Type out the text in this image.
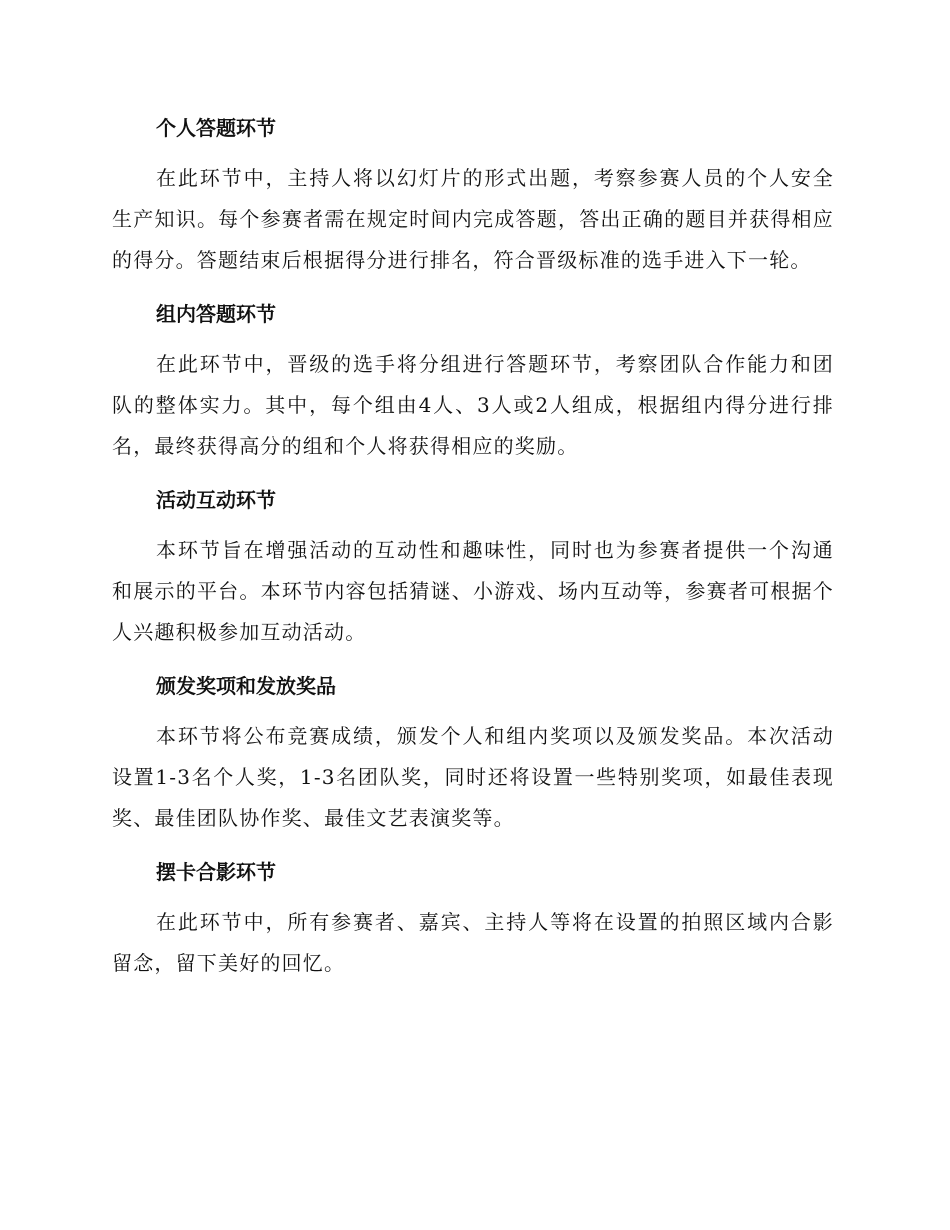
个人答题环节

在此环节中，主持人将以幻灯片的形式出题，考察参赛人员的个人安全生产知识。每个参赛者需在规定时间内完成答题，答出正确的题目并获得相应的得分。答题结束后根据得分进行排名，符合晋级标准的选手进入下一轮。

组内答题环节

在此环节中，晋级的选手将分组进行答题环节，考察团队合作能力和团队的整体实力。其中，每个组由4人、3人或2人组成，根据组内得分进行排名，最终获得高分的组和个人将获得相应的奖励。

活动互动环节

本环节旨在增强活动的互动性和趣味性，同时也为参赛者提供一个沟通和展示的平台。本环节内容包括猜谜、小游戏、场内互动等，参赛者可根据个人兴趣积极参加互动活动。

颁发奖项和发放奖品

本环节将公布竞赛成绩，颁发个人和组内奖项以及颁发奖品。本次活动设置1-3名个人奖，1-3名团队奖，同时还将设置一些特别奖项，如最佳表现奖、最佳团队协作奖、最佳文艺表演奖等。

摆卡合影环节

在此环节中，所有参赛者、嘉宾、主持人等将在设置的拍照区域内合影留念，留下美好的回忆。
